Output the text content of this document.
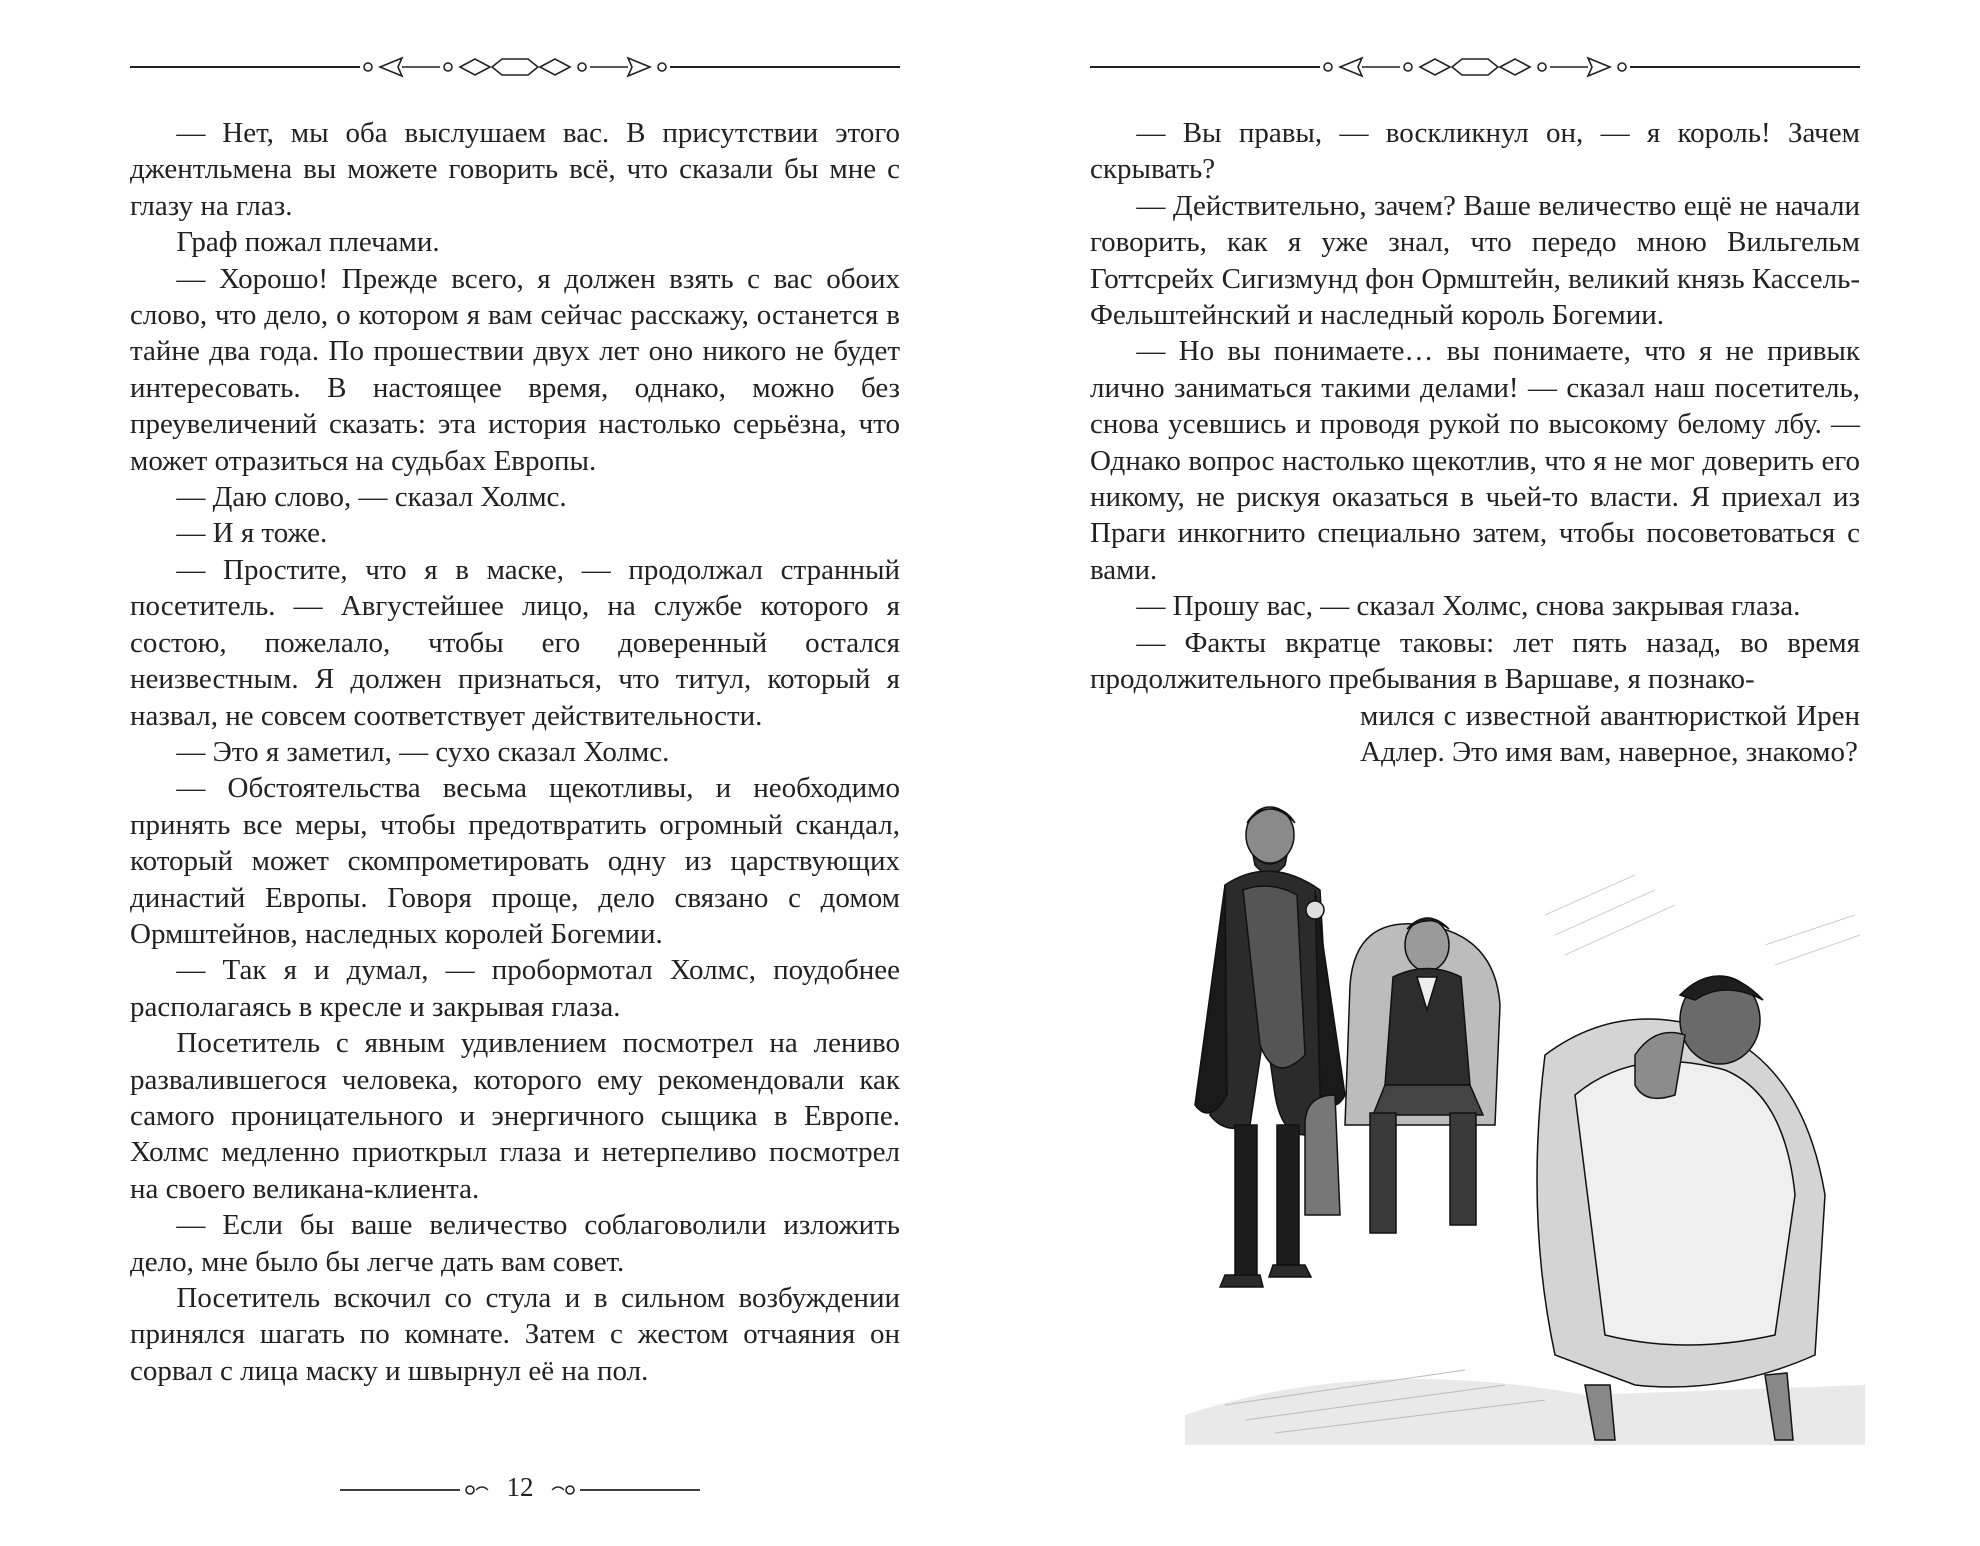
— Нет, мы оба выслушаем вас. В присутствии этого джентльмена вы можете говорить всё, что сказали бы мне с глазу на глаз.

Граф пожал плечами.

— Хорошо! Прежде всего, я должен взять с вас обоих слово, что дело, о котором я вам сейчас расскажу, останется в тайне два года. По прошествии двух лет оно никого не будет интересовать. В настоящее время, однако, можно без преувеличений сказать: эта история настолько серьёзна, что может отразиться на судьбах Европы.

— Даю слово, — сказал Холмс.

— И я тоже.

— Простите, что я в маске, — продолжал странный посетитель. — Августейшее лицо, на службе которого я состою, пожелало, чтобы его доверенный остался неизвестным. Я должен признаться, что титул, который я назвал, не совсем соответствует действительности.

— Это я заметил, — сухо сказал Холмс.

— Обстоятельства весьма щекотливы, и необходимо принять все меры, чтобы предотвратить огромный скандал, который может скомпрометировать одну из царствующих династий Европы. Говоря проще, дело связано с домом Ормштейнов, наследных королей Богемии.

— Так я и думал, — пробормотал Холмс, поудобнее располагаясь в кресле и закрывая глаза.

Посетитель с явным удивлением посмотрел на лениво развалившегося человека, которого ему рекомендовали как самого проницательного и энергичного сыщика в Европе. Холмс медленно приоткрыл глаза и нетерпеливо посмотрел на своего великана-клиента.

— Если бы ваше величество соблаговолили изложить дело, мне было бы легче дать вам совет.

Посетитель вскочил со стула и в сильном возбуждении принялся шагать по комнате. Затем с жестом отчаяния он сорвал с лица маску и швырнул её на пол.

12

— Вы правы, — воскликнул он, — я король! Зачем скрывать?

— Действительно, зачем? Ваше величество ещё не начали говорить, как я уже знал, что передо мною Вильгельм Готтсрейх Сигизмунд фон Ормштейн, великий князь Кассель-Фельштейнский и наследный король Богемии.

— Но вы понимаете… вы понимаете, что я не привык лично заниматься такими делами! — сказал наш посетитель, снова усевшись и проводя рукой по высокому белому лбу. — Однако вопрос настолько щекотлив, что я не мог доверить его никому, не рискуя оказаться в чьей-то власти. Я приехал из Праги инкогнито специально затем, чтобы посоветоваться с вами.

— Прошу вас, — сказал Холмс, снова закрывая глаза.

— Факты вкратце таковы: лет пять назад, во время продолжительного пребывания в Варшаве, я познако-

мился с известной авантюристкой Ирен Адлер. Это имя вам, наверное, знакомо?
